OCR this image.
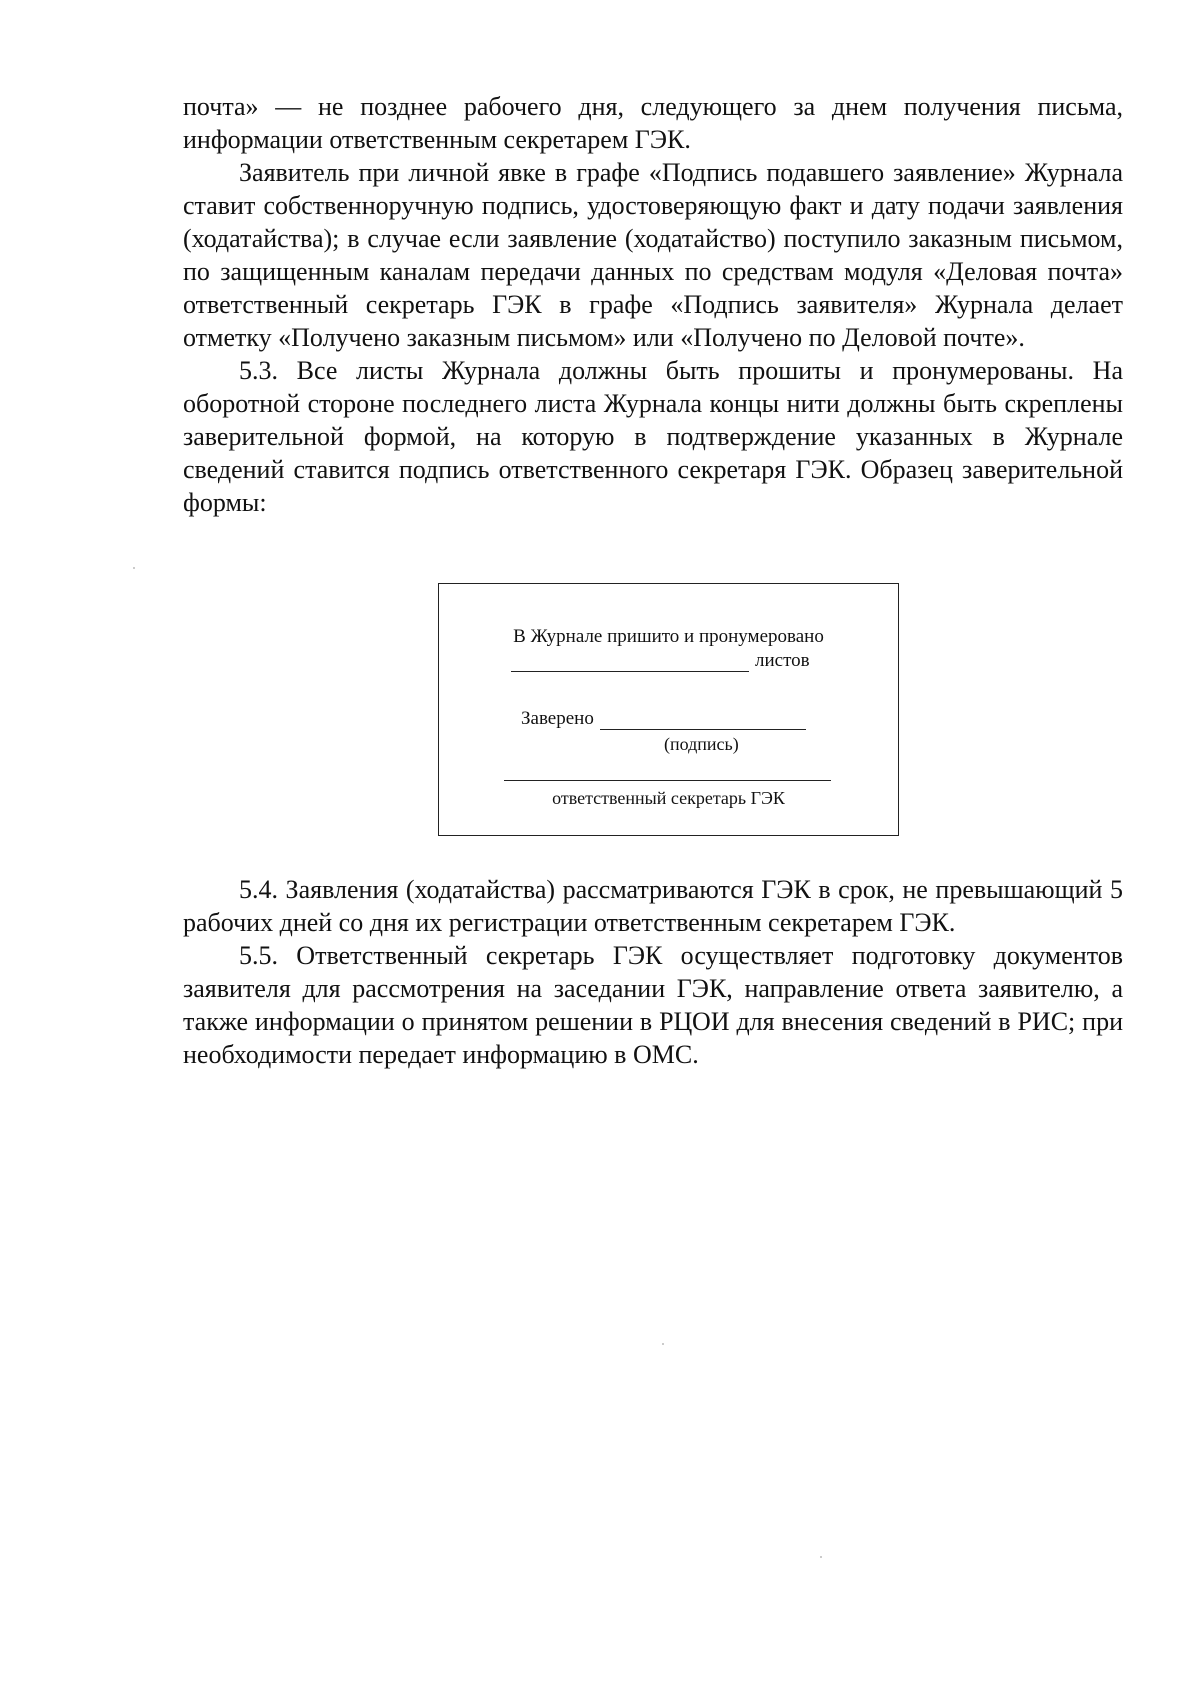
почта» — не позднее рабочего дня, следующего за днем получения письма, информации ответственным секретарем ГЭК.

Заявитель при личной явке в графе «Подпись подавшего заявление» Журнала ставит собственноручную подпись, удостоверяющую факт и дату подачи заявления (ходатайства); в случае если заявление (ходатайство) поступило заказным письмом, по защищенным каналам передачи данных по средствам модуля «Деловая почта» ответственный секретарь ГЭК в графе «Подпись заявителя» Журнала делает отметку «Получено заказным письмом» или «Получено по Деловой почте».

5.3. Все листы Журнала должны быть прошиты и пронумерованы. На оборотной стороне последнего листа Журнала концы нити должны быть скреплены заверительной формой, на которую в подтверждение указанных в Журнале сведений ставится подпись ответственного секретаря ГЭК. Образец заверительной формы:

В Журнале пришито и пронумеровано
листов
Заверено
(подпись)
ответственный секретарь ГЭК

5.4. Заявления (ходатайства) рассматриваются ГЭК в срок, не превышающий 5 рабочих дней со дня их регистрации ответственным секретарем ГЭК.

5.5. Ответственный секретарь ГЭК осуществляет подготовку документов заявителя для рассмотрения на заседании ГЭК, направление ответа заявителю, а также информации о принятом решении в РЦОИ для внесения сведений в РИС; при необходимости передает информацию в ОМС.
